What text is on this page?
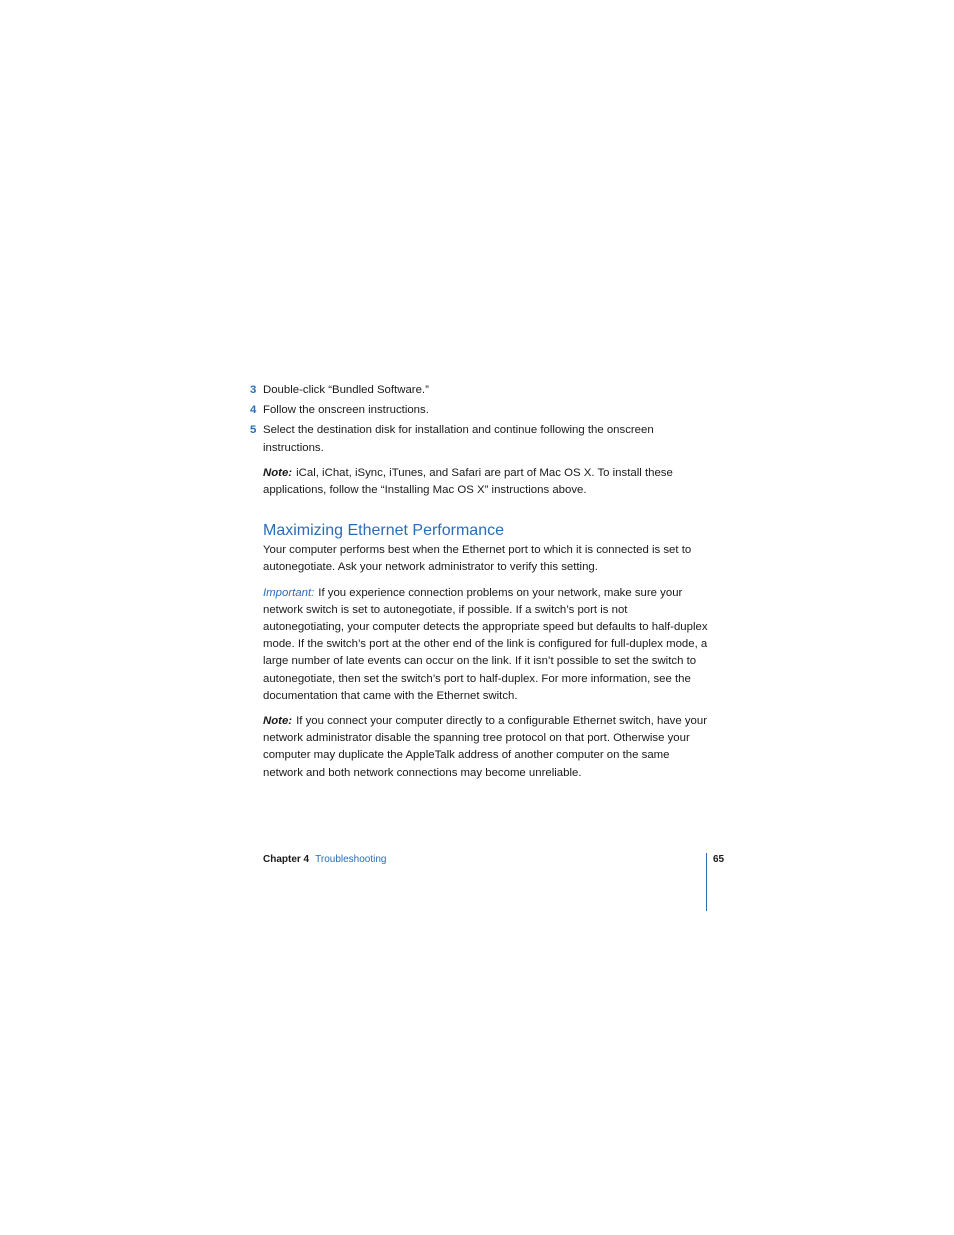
3 Double-click “Bundled Software.”
4 Follow the onscreen instructions.
5 Select the destination disk for installation and continue following the onscreen instructions.

Note: iCal, iChat, iSync, iTunes, and Safari are part of Mac OS X. To install these applications, follow the “Installing Mac OS X” instructions above.

Maximizing Ethernet Performance

Your computer performs best when the Ethernet port to which it is connected is set to autonegotiate. Ask your network administrator to verify this setting.

Important: If you experience connection problems on your network, make sure your network switch is set to autonegotiate, if possible. If a switch’s port is not autonegotiating, your computer detects the appropriate speed but defaults to half-duplex mode. If the switch’s port at the other end of the link is configured for full-duplex mode, a large number of late events can occur on the link. If it isn’t possible to set the switch to autonegotiate, then set the switch’s port to half-duplex. For more information, see the documentation that came with the Ethernet switch.

Note: If you connect your computer directly to a configurable Ethernet switch, have your network administrator disable the spanning tree protocol on that port. Otherwise your computer may duplicate the AppleTalk address of another computer on the same network and both network connections may become unreliable.

Chapter 4 Troubleshooting	65
